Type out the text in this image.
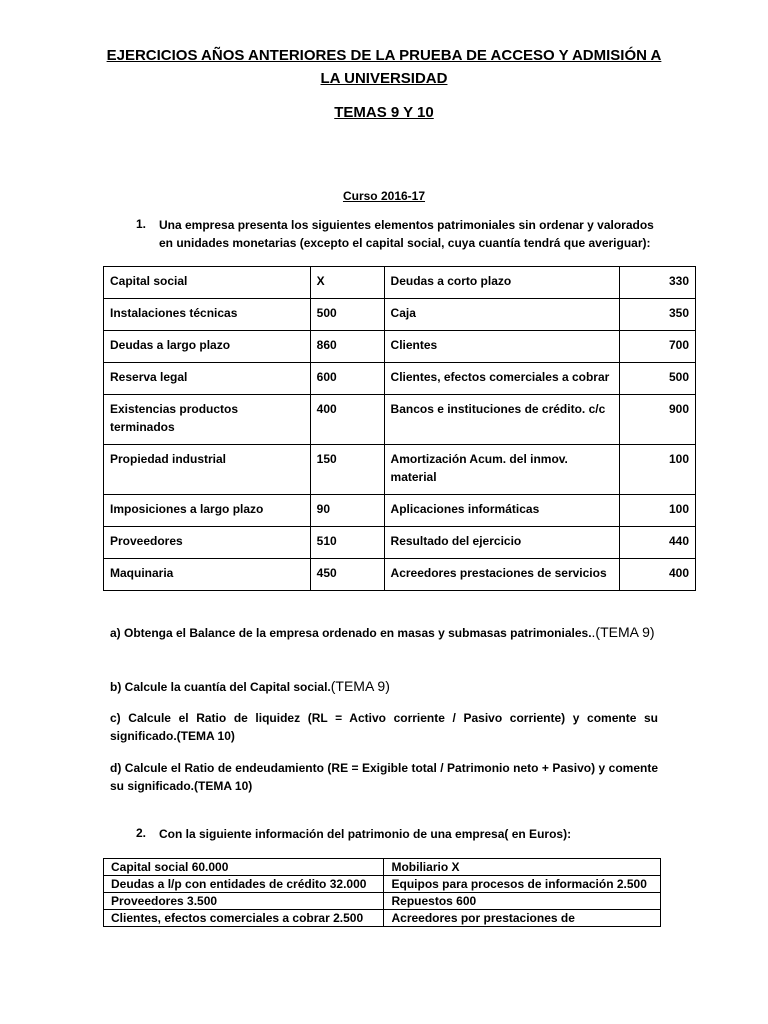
EJERCICIOS AÑOS ANTERIORES DE LA PRUEBA DE ACCESO Y ADMISIÓN A
LA UNIVERSIDAD
TEMAS 9 Y 10
Curso 2016-17
1. Una empresa presenta los siguientes elementos patrimoniales sin ordenar y valorados
en unidades monetarias (excepto el capital social, cuya cuantía tendrá que averiguar):
Capital social	X	Deudas a corto plazo	330
Instalaciones técnicas	500	Caja	350
Deudas a largo plazo	860	Clientes	700
Reserva legal	600	Clientes, efectos comerciales a cobrar	500
Existencias productos terminados	400	Bancos e instituciones de crédito. c/c	900
Propiedad industrial	150	Amortización Acum. del inmov. material	100
Imposiciones a largo plazo	90	Aplicaciones informáticas	100
Proveedores	510	Resultado del ejercicio	440
Maquinaria	450	Acreedores prestaciones de servicios	400
a) Obtenga el Balance de la empresa ordenado en masas y submasas patrimoniales..(TEMA 9)
b) Calcule la cuantía del Capital social.(TEMA 9)
c) Calcule el Ratio de liquidez (RL = Activo corriente / Pasivo corriente) y comente su significado.(TEMA 10)
d) Calcule el Ratio de endeudamiento (RE = Exigible total / Patrimonio neto + Pasivo) y comente su significado.(TEMA 10)
2. Con la siguiente información del patrimonio de una empresa( en Euros):
Capital social 60.000	Mobiliario X
Deudas a l/p con entidades de crédito 32.000	Equipos para procesos de información 2.500
Proveedores 3.500	Repuestos 600
Clientes, efectos comerciales a cobrar 2.500	Acreedores por prestaciones de
